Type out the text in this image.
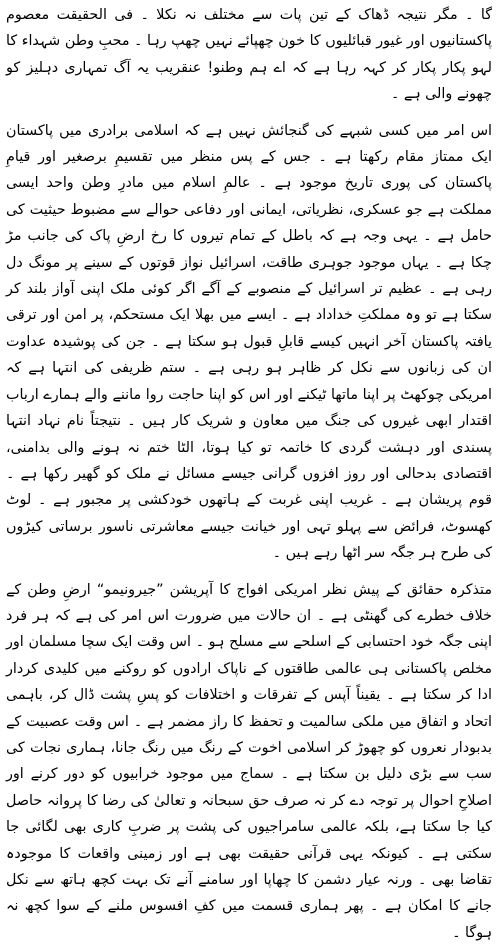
گا ۔ مگر نتیجہ ڈھاک کے تین پات سے مختلف نہ نکلا ۔ فی الحقیقت معصوم پاکستانیوں اور غیور قبائلیوں کا خون چھپائے نہیں چھپ رہا ۔ محبِ وطن شہداء کا لہو پکار پکار کر کہہ رہا ہے کہ اے ہم وطنو! عنقریب یہ آگ تمہاری دہلیز کو چھونے والی ہے ۔

اس امر میں کسی شبہے کی گنجائش نہیں ہے کہ اسلامی برادری میں پاکستان ایک ممتاز مقام رکھتا ہے ۔ جس کے پس منظر میں تقسیمِ برصغیر اور قیامِ پاکستان کی پوری تاریخ موجود ہے ۔ عالمِ اسلام میں مادرِ وطن واحد ایسی مملکت ہے جو عسکری، نظریاتی، ایمانی اور دفاعی حوالے سے مضبوط حیثیت کی حامل ہے ۔ یہی وجہ ہے کہ باطل کے تمام تیروں کا رخ ارضِ پاک کی جانب مڑ چکا ہے ۔ یہاں موجود جوہری طاقت، اسرائیل نواز قوتوں کے سینے پر مونگ دل رہی ہے ۔ عظیم تر اسرائیل کے منصوبے کے آگے اگر کوئی ملک اپنی آواز بلند کر سکتا ہے تو وہ مملکتِ خداداد ہے ۔ ایسے میں بھلا ایک مستحکم، پر امن اور ترقی یافتہ پاکستان آخر انہیں کیسے قابلِ قبول ہو سکتا ہے ۔ جن کی پوشیدہ عداوت ان کی زبانوں سے نکل کر ظاہر ہو رہی ہے ۔ ستم ظریفی کی انتہا ہے کہ امریکی چوکھٹ پر اپنا ماتھا ٹیکنے اور اس کو اپنا حاجت روا ماننے والے ہمارے ارباب اقتدار ابھی غیروں کی جنگ میں معاون و شریک کار ہیں ۔ نتیجتاً نام نہاد انتہا پسندی اور دہشت گردی کا خاتمہ تو کیا ہوتا، الٹا ختم نہ ہونے والی بدامنی، اقتصادی بدحالی اور روز افزوں گرانی جیسے مسائل نے ملک کو گھیر رکھا ہے ۔ قوم پریشان ہے ۔ غریب اپنی غربت کے ہاتھوں خودکشی پر مجبور ہے ۔ لوٹ کھسوٹ، فرائض سے پہلو تہی اور خیانت جیسے معاشرتی ناسور برساتی کیڑوں کی طرح ہر جگہ سر اٹھا رہے ہیں ۔

متذکرہ حقائق کے پیش نظر امریکی افواج کا آپریشن ”جیرونیمو“ ارضِ وطن کے خلاف خطرے کی گھنٹی ہے ۔ ان حالات میں ضرورت اس امر کی ہے کہ ہر فرد اپنی جگہ خود احتسابی کے اسلحے سے مسلح ہو ۔ اس وقت ایک سچا مسلمان اور مخلص پاکستانی ہی عالمی طاقتوں کے ناپاک ارادوں کو روکنے میں کلیدی کردار ادا کر سکتا ہے ۔ یقیناً آپس کے تفرقات و اختلافات کو پسِ پشت ڈال کر، باہمی اتحاد و اتفاق میں ملکی سالمیت و تحفظ کا راز مضمر ہے ۔ اس وقت عصبیت کے بدبودار نعروں کو چھوڑ کر اسلامی اخوت کے رنگ میں رنگ جانا، ہماری نجات کی سب سے بڑی دلیل بن سکتا ہے ۔ سماج میں موجود خرابیوں کو دور کرنے اور اصلاحِ احوال پر توجہ دے کر نہ صرف حق سبحانہ و تعالیٰ کی رضا کا پروانہ حاصل کیا جا سکتا ہے، بلکہ عالمی سامراجیوں کی پشت پر ضربِ کاری بھی لگائی جا سکتی ہے ۔ کیونکہ یہی قرآنی حقیقت بھی ہے اور زمینی واقعات کا موجودہ تقاضا بھی ۔ ورنہ عیار دشمن کا چھاپا اور سامنے آنے تک بہت کچھ ہاتھ سے نکل جانے کا امکان ہے ۔ پھر ہماری قسمت میں کفِ افسوس ملنے کے سوا کچھ نہ ہوگا ۔
